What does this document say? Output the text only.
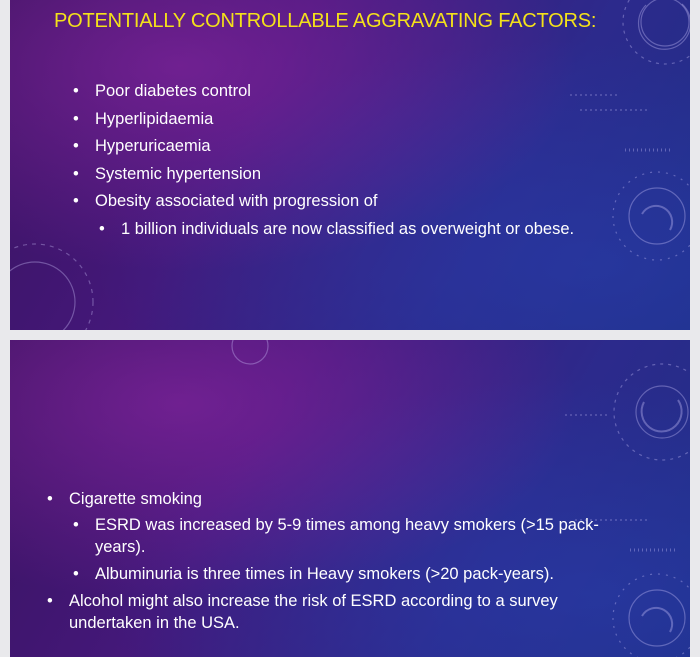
POTENTIALLY CONTROLLABLE AGGRAVATING FACTORS:
• Poor diabetes control
• Hyperlipidaemia
• Hyperuricaemia
• Systemic hypertension
• Obesity associated with progression of
• 1 billion individuals are now classified as overweight or obese.
• Cigarette smoking
• ESRD was increased by 5-9 times among heavy smokers (>15 pack-years).
• Albuminuria is three times in Heavy smokers (>20 pack-years).
• Alcohol might also increase the risk of ESRD according to a survey undertaken in the USA.
